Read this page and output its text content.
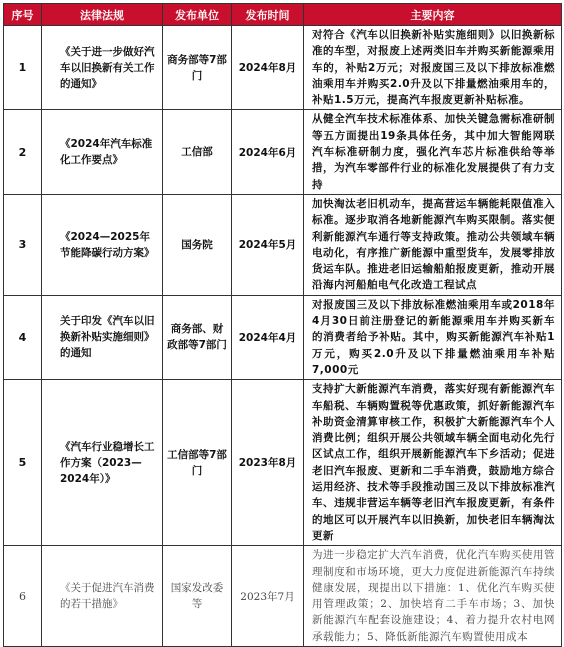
序号	法律法规	发布单位	发布时间	主要内容
1	《关于进一步做好汽车以旧换新有关工作的通知》	商务部等7部门	2024年8月	对符合《汽车以旧换新补贴实施细则》以旧换新标准的车型，对报废上述两类旧车并购买新能源乘用车的，补贴2万元；对报废国三及以下排放标准燃油乘用车并购买2.0升及以下排量燃油乘用车的，补贴1.5万元，提高汽车报废更新补贴标准。
2	《2024年汽车标准化工作要点》	工信部	2024年6月	从健全汽车技术标准体系、加快关键急需标准研制等五方面提出19条具体任务，其中加大智能网联汽车标准研制力度，强化汽车芯片标准供给等举措，为汽车零部件行业的标准化发展提供了有力支持
3	《2024—2025年节能降碳行动方案》	国务院	2024年5月	加快淘汰老旧机动车，提高营运车辆能耗限值准入标准。逐步取消各地新能源汽车购买限制。落实便利新能源汽车通行等支持政策。推动公共领域车辆电动化，有序推广新能源中重型货车，发展零排放货运车队。推进老旧运输船舶报废更新，推动开展沿海内河船舶电气化改造工程试点
4	关于印发《汽车以旧换新补贴实施细则》的通知	商务部、财政部等7部门	2024年4月	对报废国三及以下排放标准燃油乘用车或2018年4月30日前注册登记的新能源乘用车并购买新车的消费者给予补贴。其中，购买新能源汽车补贴1万元，购买2.0升及以下排量燃油乘用车补贴7,000元
5	《汽车行业稳增长工作方案（2023—2024年）》	工信部等7部门	2023年8月	支持扩大新能源汽车消费，落实好现有新能源汽车车船税、车辆购置税等优惠政策，抓好新能源汽车补助资金清算审核工作，积极扩大新能源汽车个人消费比例；组织开展公共领域车辆全面电动化先行区试点工作，组织开展新能源汽车下乡活动；促进老旧汽车报废、更新和二手车消费，鼓励地方综合运用经济、技术等手段推动国三及以下排放标准汽车、违规非营运车辆等老旧汽车报废更新，有条件的地区可以开展汽车以旧换新，加快老旧车辆淘汰更新
6	《关于促进汽车消费的若干措施》	国家发改委等	2023年7月	为进一步稳定扩大汽车消费，优化汽车购买使用管理制度和市场环境，更大力度促进新能源汽车持续健康发展，现提出以下措施：1、优化汽车购买使用管理政策；2、加快培育二手车市场；3、加快新能源汽车配套设施建设；4、着力提升农村电网承载能力；5、降低新能源汽车购置使用成本
